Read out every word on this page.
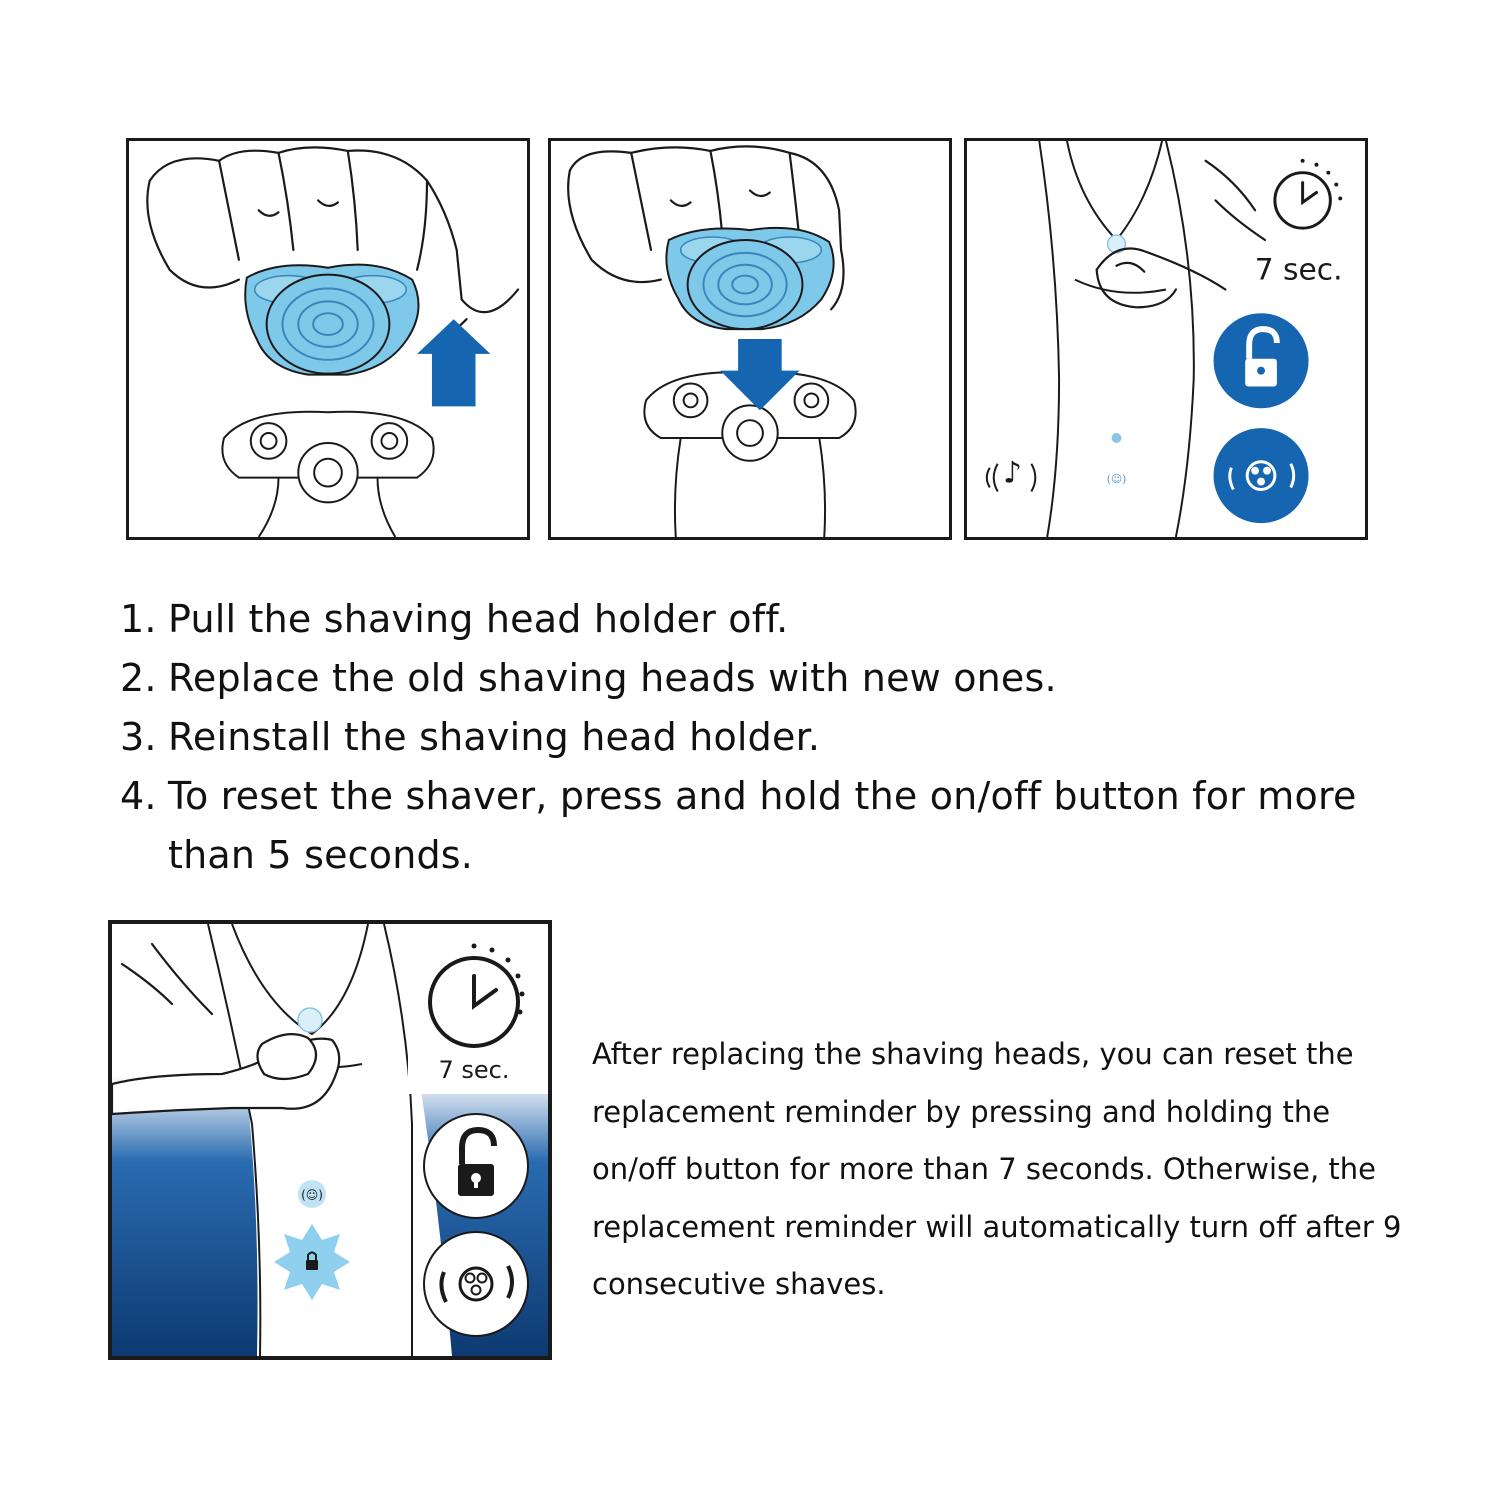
(☺)
♪
7 sec.
1. Pull the shaving head holder off.
2. Replace the old shaving heads with new ones.
3. Reinstall the shaving head holder.
4. To reset the shaver, press and hold the on/off button for more than 5 seconds.
(☺)
7 sec.	After replacing the shaving heads, you can reset the replacement reminder by pressing and holding the on/off button for more than 7 seconds. Otherwise, the replacement reminder will automatically turn off after 9 consecutive shaves.
